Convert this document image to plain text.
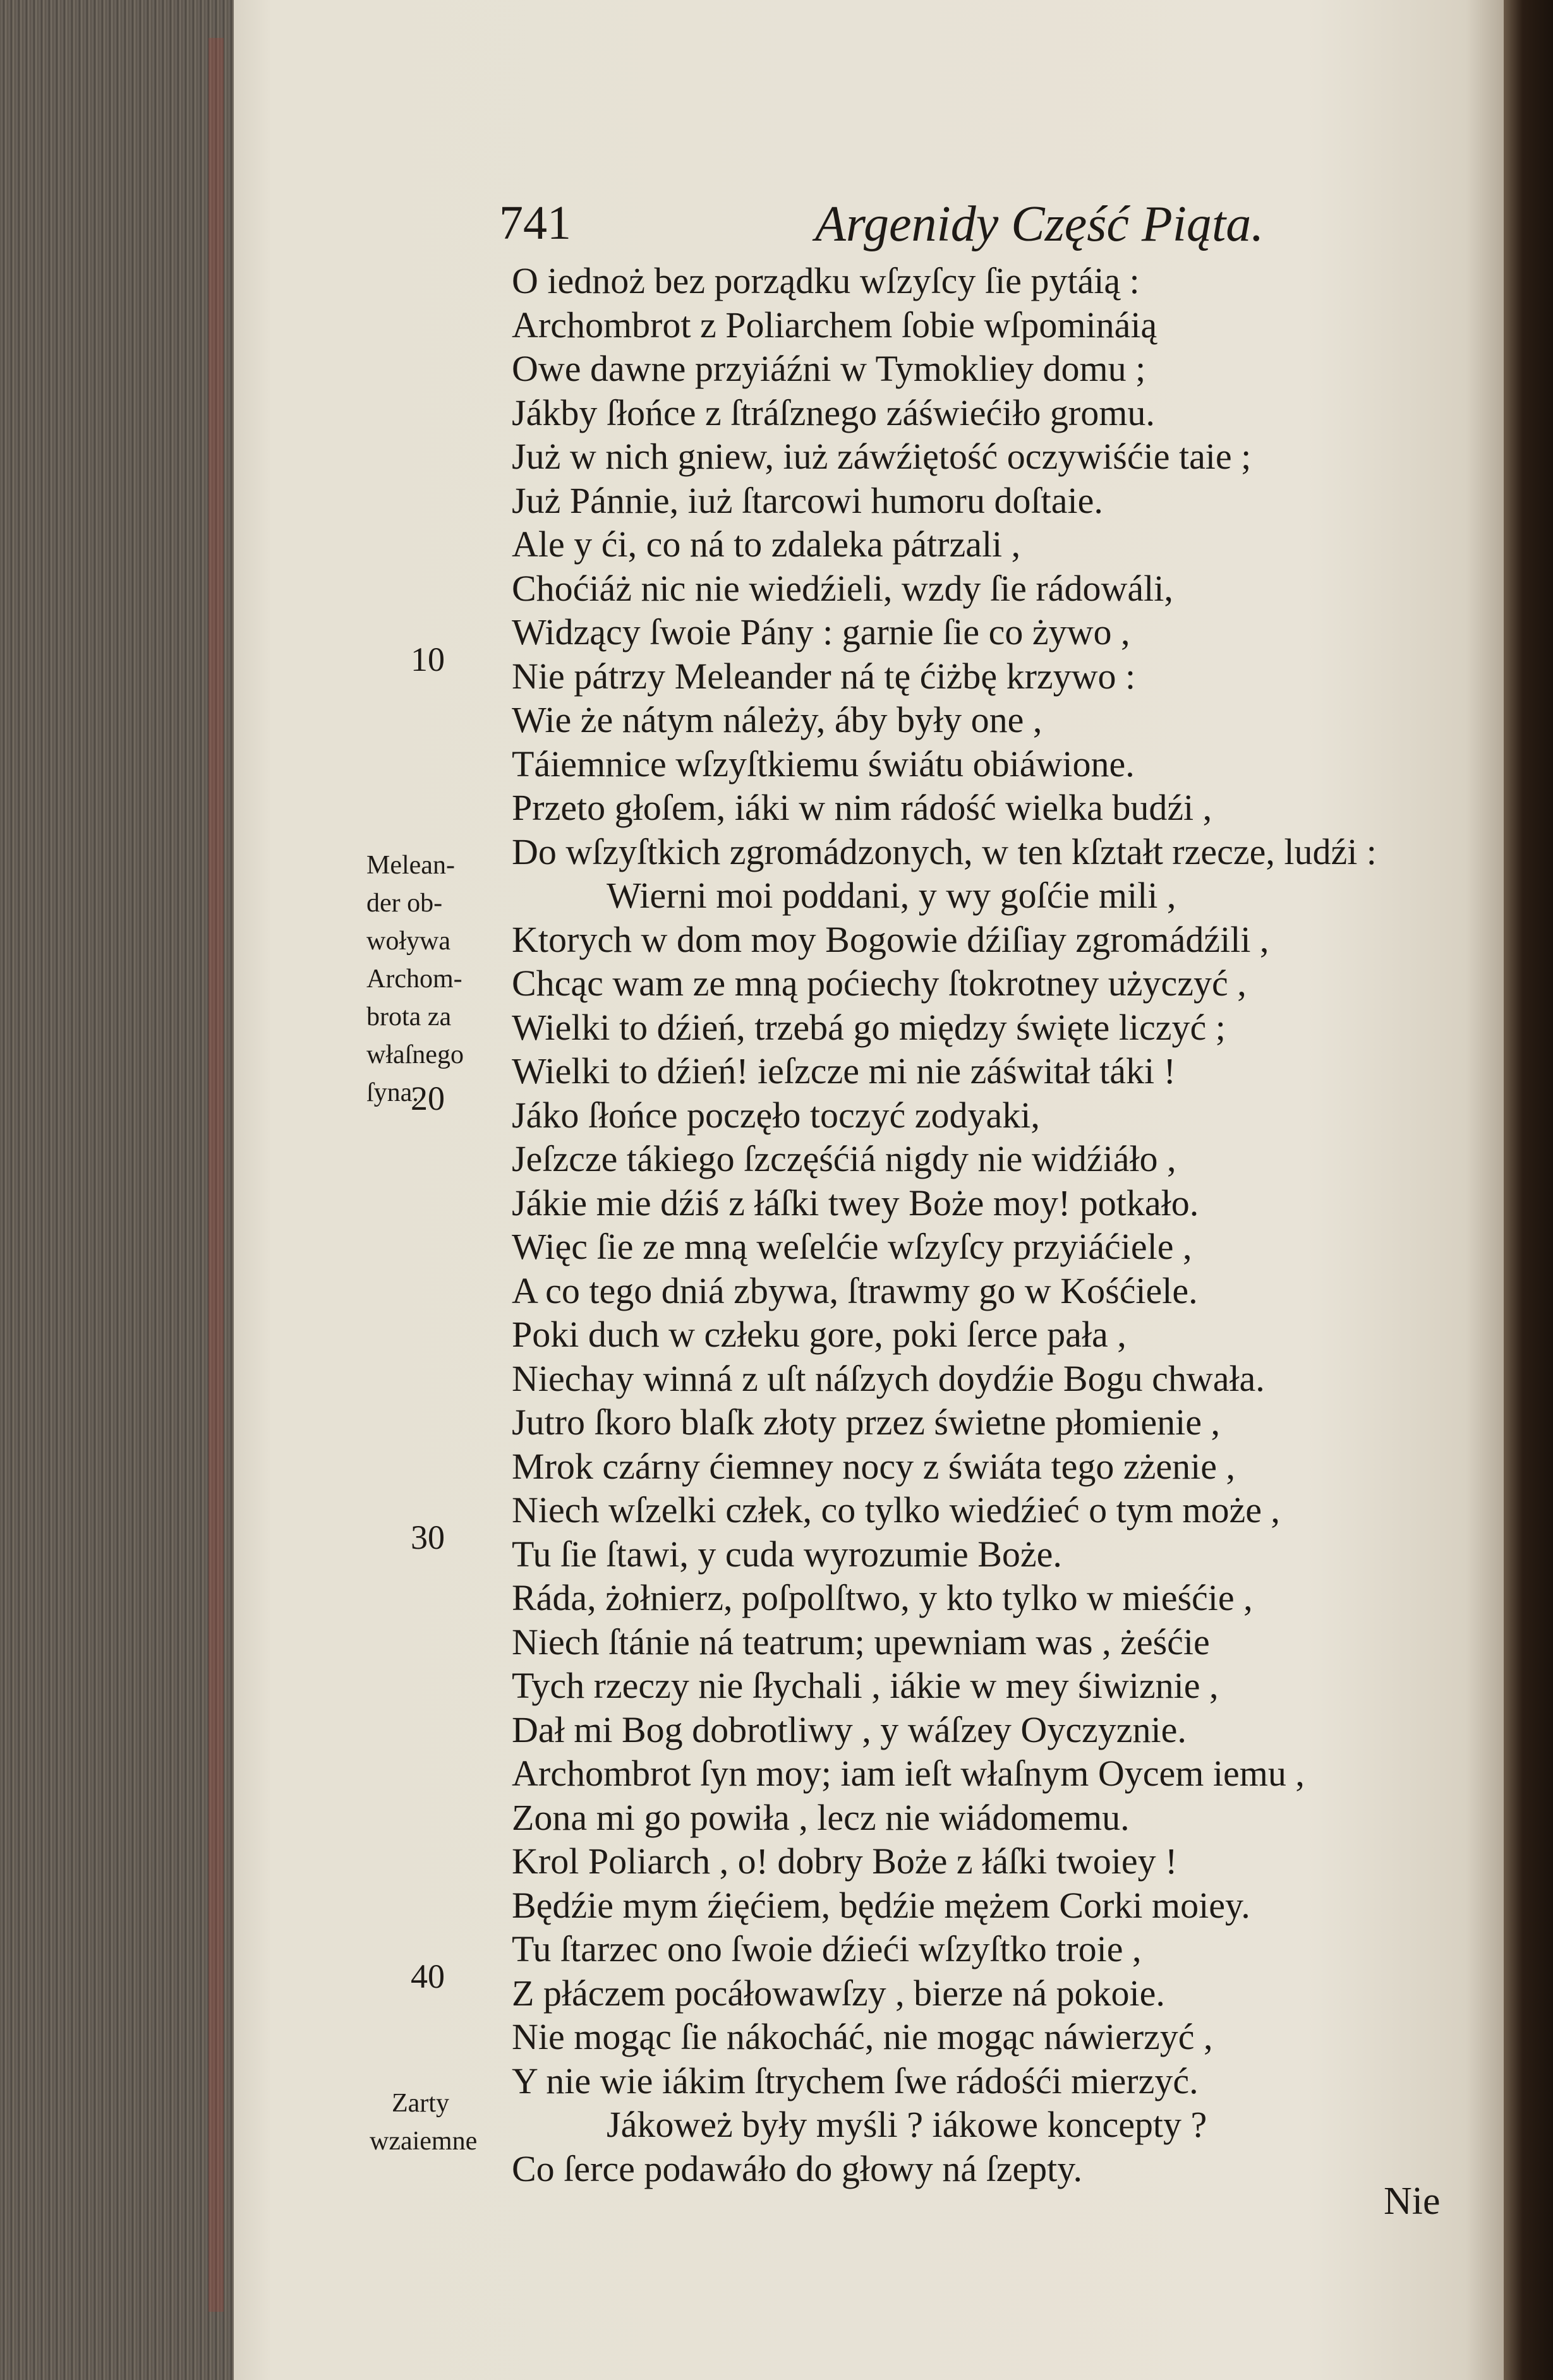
741	Argenidy Część Piąta.
O iednoż bez porządku wſzyſcy ſie pytáią :
Archombrot z Poliarchem ſobie wſpomináią
Owe dawne przyiáźni w Tymokliey domu ;
Jákby ſłońce z ſtráſznego záświećiło gromu.
Już w nich gniew, iuż záwźiętość oczywiśćie taie ;
Już Pánnie, iuż ſtarcowi humoru doſtaie.
Ale y ći, co ná to zdaleka pátrzali ,
Choćiáż nic nie wiedźieli, wzdy ſie rádowáli,
Widzący ſwoie Pány : garnie ſie co żywo ,
Nie pátrzy Meleander ná tę ćiżbę krzywo :
Wie że nátym náleży, áby były one ,
Táiemnice wſzyſtkiemu świátu obiáwione.
Przeto głoſem, iáki w nim rádość wielka budźi ,
Do wſzyſtkich zgromádzonych, w ten kſztałt rzecze, ludźi :
Wierni moi poddani, y wy goſćie mili ,
Ktorych w dom moy Bogowie dźiſiay zgromádźili ,
Chcąc wam ze mną poćiechy ſtokrotney użyczyć ,
Wielki to dźień, trzebá go między święte liczyć ;
Wielki to dźień! ieſzcze mi nie záświtał táki !
Jáko ſłońce poczęło toczyć zodyaki,
Jeſzcze tákiego ſzczęśćiá nigdy nie widźiáło ,
Jákie mie dźiś z łáſki twey Boże moy! potkało.
Więc ſie ze mną weſelćie wſzyſcy przyiáćiele ,
A co tego dniá zbywa, ſtrawmy go w Kośćiele.
Poki duch w człeku gore, poki ſerce pała ,
Niechay winná z uſt náſzych doydźie Bogu chwała.
Jutro ſkoro blaſk złoty przez świetne płomienie ,
Mrok czárny ćiemney nocy z świáta tego zżenie ,
Niech wſzelki człek, co tylko wiedźieć o tym może ,
Tu ſie ſtawi, y cuda wyrozumie Boże.
Ráda, żołnierz, poſpolſtwo, y kto tylko w mieśćie ,
Niech ſtánie ná teatrum; upewniam was , żeśćie
Tych rzeczy nie ſłychali , iákie w mey śiwiznie ,
Dał mi Bog dobrotliwy , y wáſzey Oyczyznie.
Archombrot ſyn moy; iam ieſt właſnym Oycem iemu ,
Zona mi go powiła , lecz nie wiádomemu.
Krol Poliarch , o! dobry Boże z łáſki twoiey !
Będźie mym źięćiem, będźie mężem Corki moiey.
Tu ſtarzec ono ſwoie dźieći wſzyſtko troie ,
Z płáczem pocáłowawſzy , bierze ná pokoie.
Nie mogąc ſie nákocháć, nie mogąc náwierzyć ,
Y nie wie iákim ſtrychem ſwe rádośći mierzyć.
Jákoweż były myśli ? iákowe koncepty ?
Co ſerce podawáło do głowy ná ſzepty.
10
20
30
40
Melean-
der ob-
woływa
Archom-
brota za
właſnego
ſyna.
Zarty
wzaiemne
Nie
